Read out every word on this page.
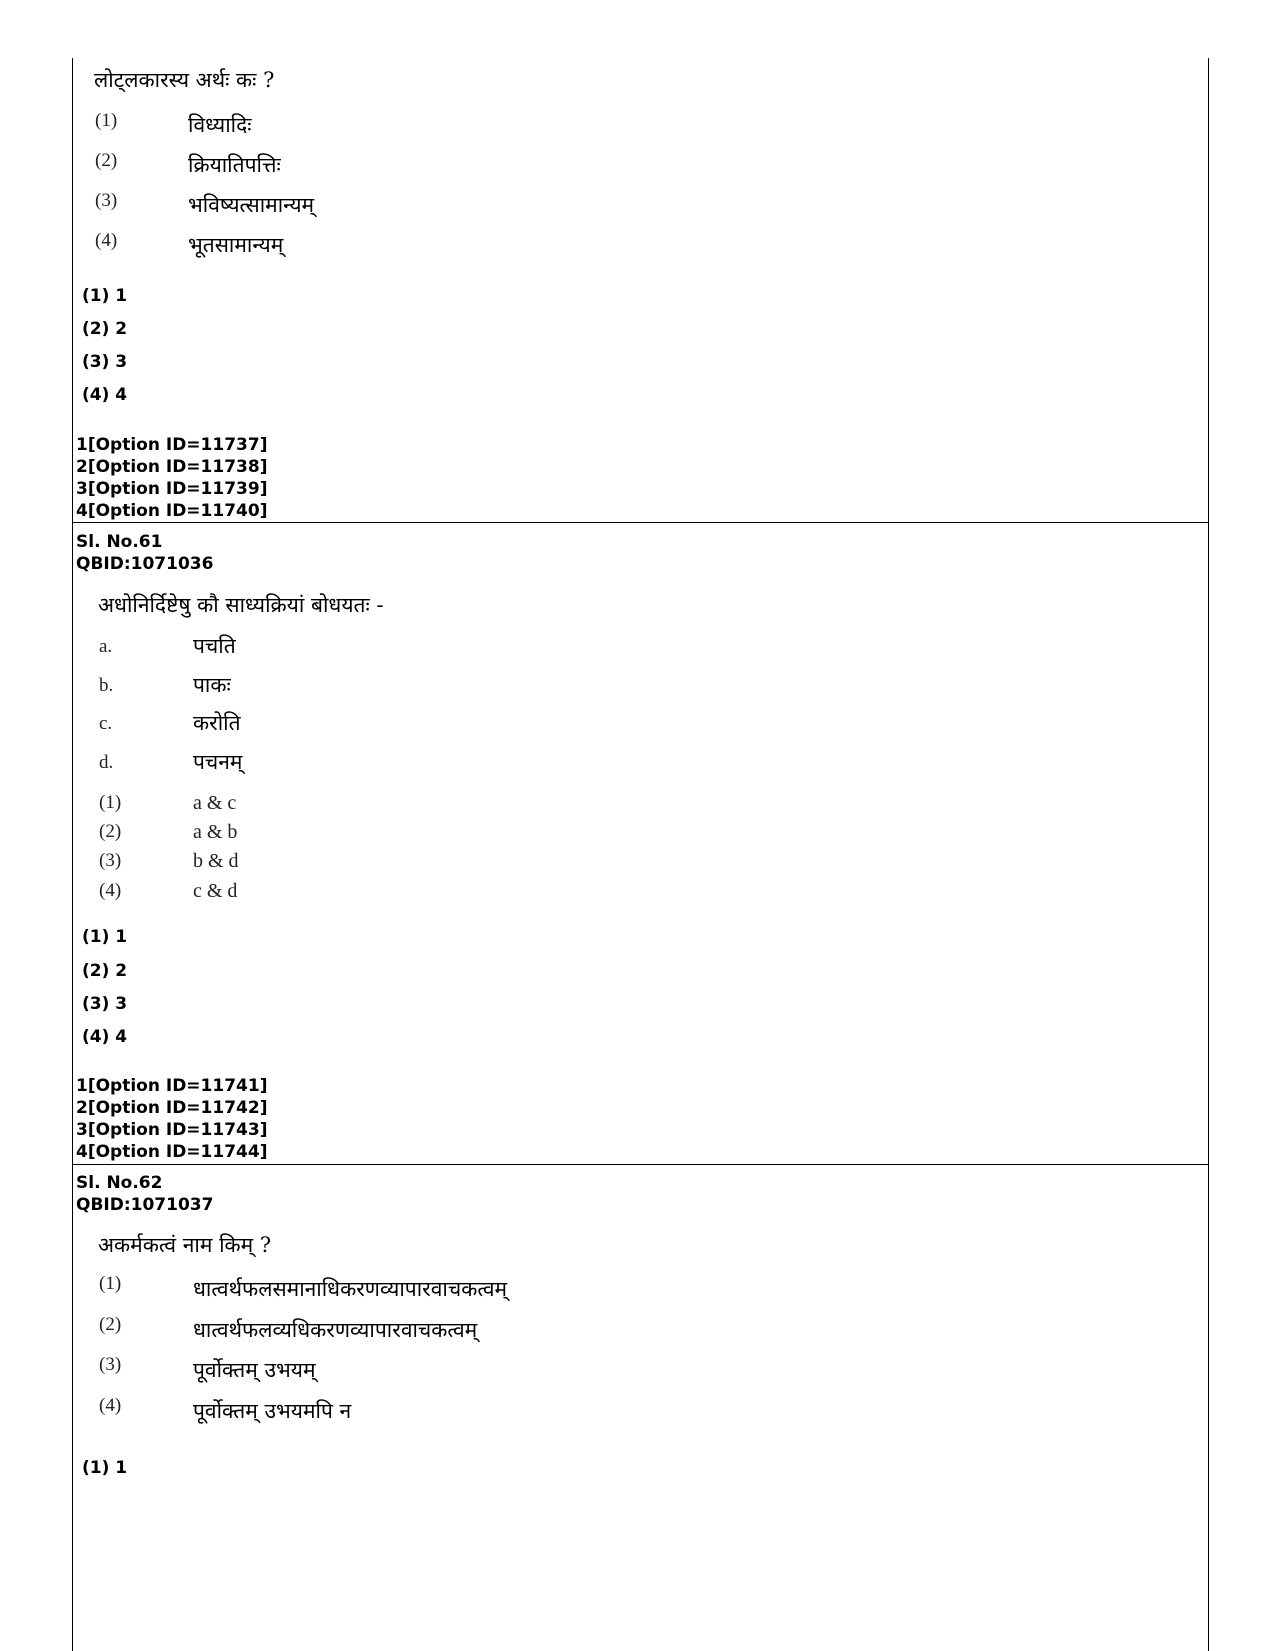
लोट्लकारस्य अर्थः कः ?
(1)	विध्यादिः
(2)	क्रियातिपत्तिः
(3)	भविष्यत्सामान्यम्
(4)	भूतसामान्यम्
(1) 1
(2) 2
(3) 3
(4) 4
1[Option ID=11737]
2[Option ID=11738]
3[Option ID=11739]
4[Option ID=11740]
Sl. No.61
QBID:1071036
अधोनिर्दिष्टेषु कौ साध्यक्रियां बोधयतः -
a.	पचति
b.	पाकः
c.	करोति
d.	पचनम्
(1)	a & c
(2)	a & b
(3)	b & d
(4)	c & d
(1) 1
(2) 2
(3) 3
(4) 4
1[Option ID=11741]
2[Option ID=11742]
3[Option ID=11743]
4[Option ID=11744]
Sl. No.62
QBID:1071037
अकर्मकत्वं नाम किम् ?
(1)	धात्वर्थफलसमानाधिकरणव्यापारवाचकत्वम्
(2)	धात्वर्थफलव्यधिकरणव्यापारवाचकत्वम्
(3)	पूर्वोक्तम् उभयम्
(4)	पूर्वोक्तम् उभयमपि न
(1) 1
